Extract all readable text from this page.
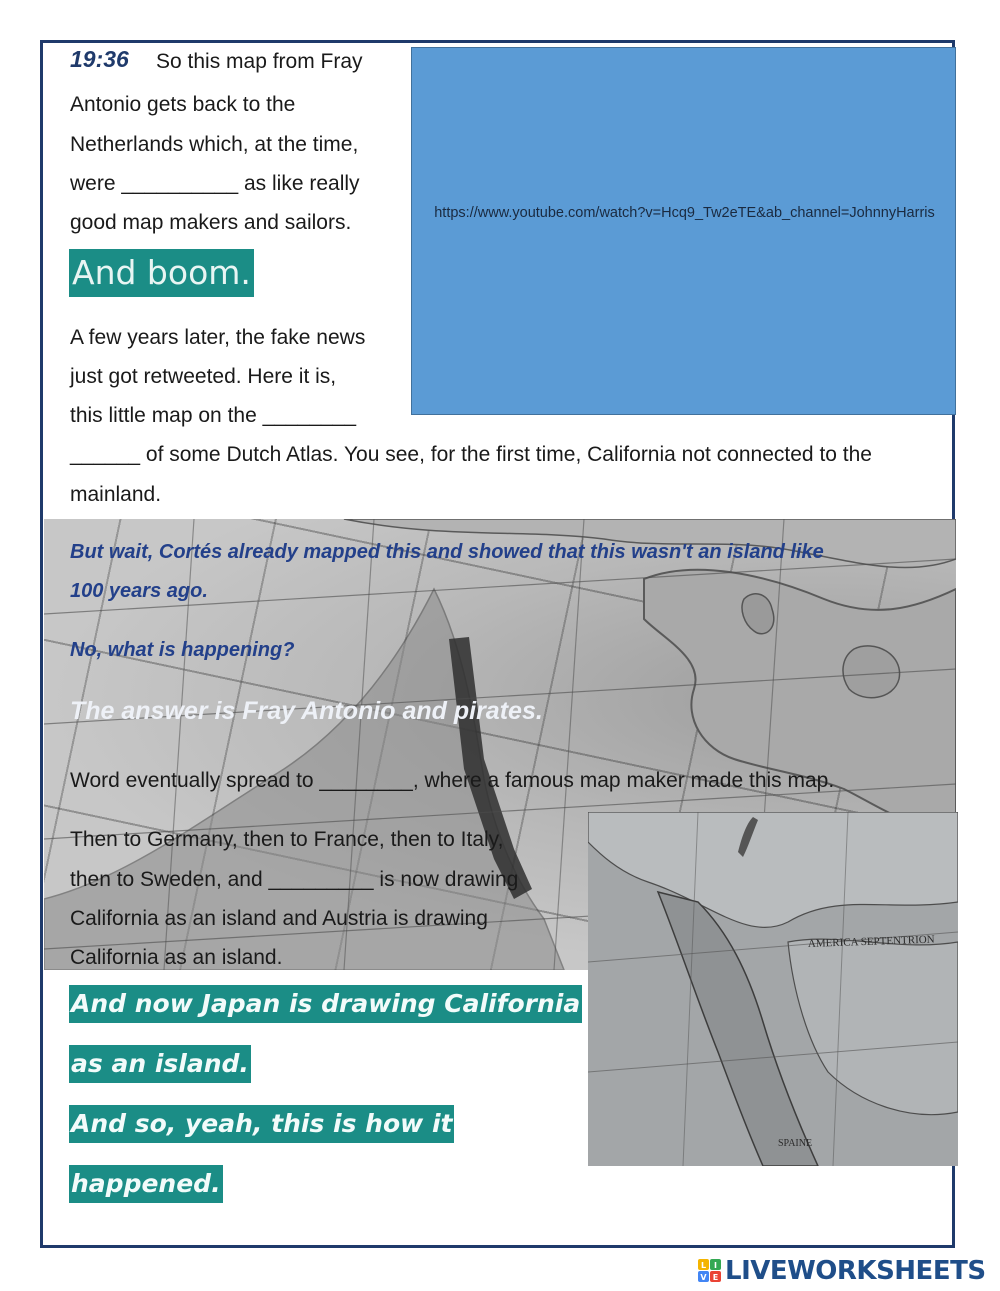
19:36 So this map from Fray
Antonio gets back to the
Netherlands which, at the time,
were __________ as like really
good map makers and sailors.	https://www.youtube.com/watch?v=Hcq9_Tw2eTE&ab_channel=JohnnyHarris
And boom.
A few years later, the fake news
just got retweeted. Here it is,
this little map on the ________
______ of some Dutch Atlas. You see, for the first time, California not connected to the
mainland.
AMERICA SEPTENTRION
SPAINE
But wait, Cortés already mapped this and showed that this wasn't an island like
100 years ago.
No, what is happening?
The answer is Fray Antonio and pirates.
Word eventually spread to ________, where a famous map maker made this map.
Then to Germany, then to France, then to Italy,
then to Sweden, and _________ is now drawing
California as an island and Austria is drawing
California as an island.
And now Japan is drawing California
as an island.
And so, yeah, this is how it
happened.
L I
V E LIVEWORKSHEETS
